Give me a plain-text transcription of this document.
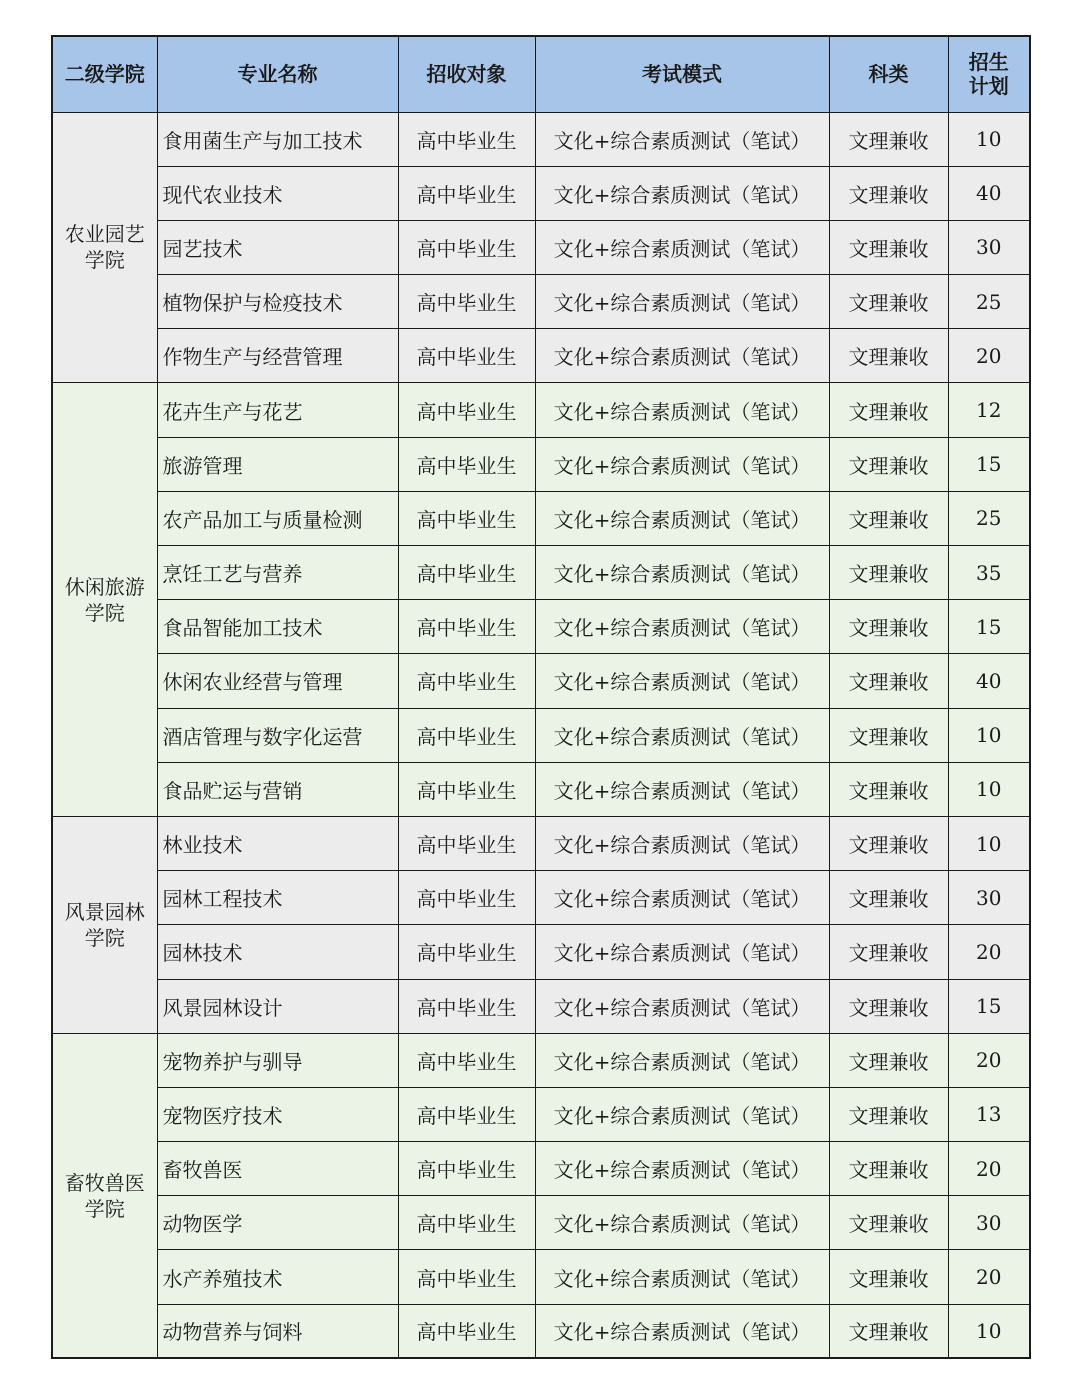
二级学院	专业名称	招收对象	考试模式	科类	招生计划
农业园艺学院	食用菌生产与加工技术	高中毕业生	文化+综合素质测试（笔试）	文理兼收	10
	现代农业技术	高中毕业生	文化+综合素质测试（笔试）	文理兼收	40
	园艺技术	高中毕业生	文化+综合素质测试（笔试）	文理兼收	30
	植物保护与检疫技术	高中毕业生	文化+综合素质测试（笔试）	文理兼收	25
	作物生产与经营管理	高中毕业生	文化+综合素质测试（笔试）	文理兼收	20
休闲旅游学院	花卉生产与花艺	高中毕业生	文化+综合素质测试（笔试）	文理兼收	12
	旅游管理	高中毕业生	文化+综合素质测试（笔试）	文理兼收	15
	农产品加工与质量检测	高中毕业生	文化+综合素质测试（笔试）	文理兼收	25
	烹饪工艺与营养	高中毕业生	文化+综合素质测试（笔试）	文理兼收	35
	食品智能加工技术	高中毕业生	文化+综合素质测试（笔试）	文理兼收	15
	休闲农业经营与管理	高中毕业生	文化+综合素质测试（笔试）	文理兼收	40
	酒店管理与数字化运营	高中毕业生	文化+综合素质测试（笔试）	文理兼收	10
	食品贮运与营销	高中毕业生	文化+综合素质测试（笔试）	文理兼收	10
风景园林学院	林业技术	高中毕业生	文化+综合素质测试（笔试）	文理兼收	10
	园林工程技术	高中毕业生	文化+综合素质测试（笔试）	文理兼收	30
	园林技术	高中毕业生	文化+综合素质测试（笔试）	文理兼收	20
	风景园林设计	高中毕业生	文化+综合素质测试（笔试）	文理兼收	15
畜牧兽医学院	宠物养护与驯导	高中毕业生	文化+综合素质测试（笔试）	文理兼收	20
	宠物医疗技术	高中毕业生	文化+综合素质测试（笔试）	文理兼收	13
	畜牧兽医	高中毕业生	文化+综合素质测试（笔试）	文理兼收	20
	动物医学	高中毕业生	文化+综合素质测试（笔试）	文理兼收	30
	水产养殖技术	高中毕业生	文化+综合素质测试（笔试）	文理兼收	20
	动物营养与饲料	高中毕业生	文化+综合素质测试（笔试）	文理兼收	10
